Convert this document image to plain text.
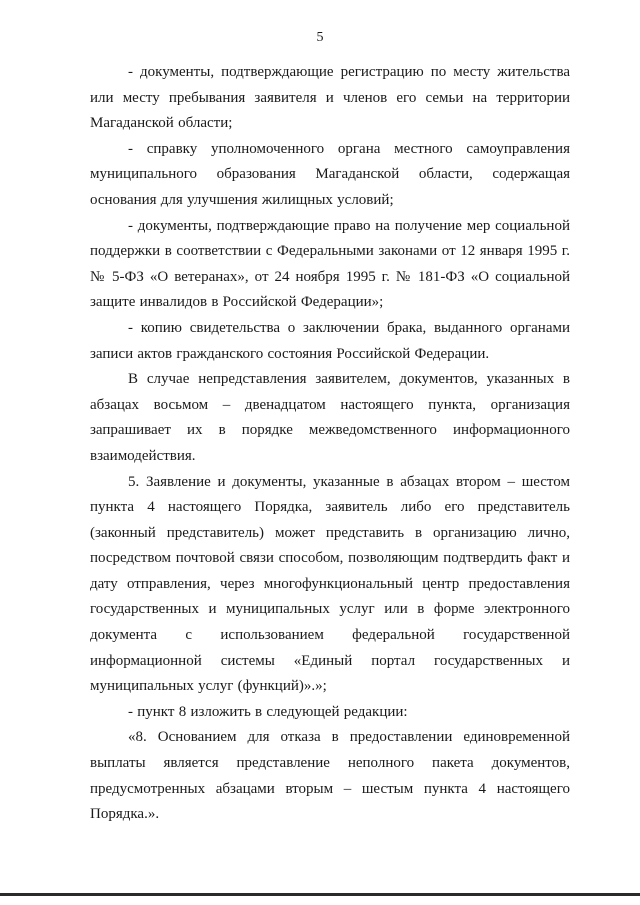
5

- документы, подтверждающие регистрацию по месту жительства или месту пребывания заявителя и членов его семьи на территории Магаданской области;

- справку уполномоченного органа местного самоуправления муниципального образования Магаданской области, содержащая основания для улучшения жилищных условий;

- документы, подтверждающие право на получение мер социальной поддержки в соответствии с Федеральными законами от 12 января 1995 г. № 5-ФЗ «О ветеранах», от 24 ноября 1995 г. № 181-ФЗ «О социальной защите инвалидов в Российской Федерации»;

- копию свидетельства о заключении брака, выданного органами записи актов гражданского состояния Российской Федерации.

В случае непредставления заявителем, документов, указанных в абзацах восьмом – двенадцатом настоящего пункта, организация запрашивает их в порядке межведомственного информационного взаимодействия.

5. Заявление и документы, указанные в абзацах втором – шестом пункта 4 настоящего Порядка, заявитель либо его представитель (законный представитель) может представить в организацию лично, посредством почтовой связи способом, позволяющим подтвердить факт и дату отправления, через многофункциональный центр предоставления государственных и муниципальных услуг или в форме электронного документа с использованием федеральной государственной информационной системы «Единый портал государственных и муниципальных услуг (функций)».»;

- пункт 8 изложить в следующей редакции:

«8. Основанием для отказа в предоставлении единовременной выплаты является представление неполного пакета документов, предусмотренных абзацами вторым – шестым пункта 4 настоящего Порядка.».
